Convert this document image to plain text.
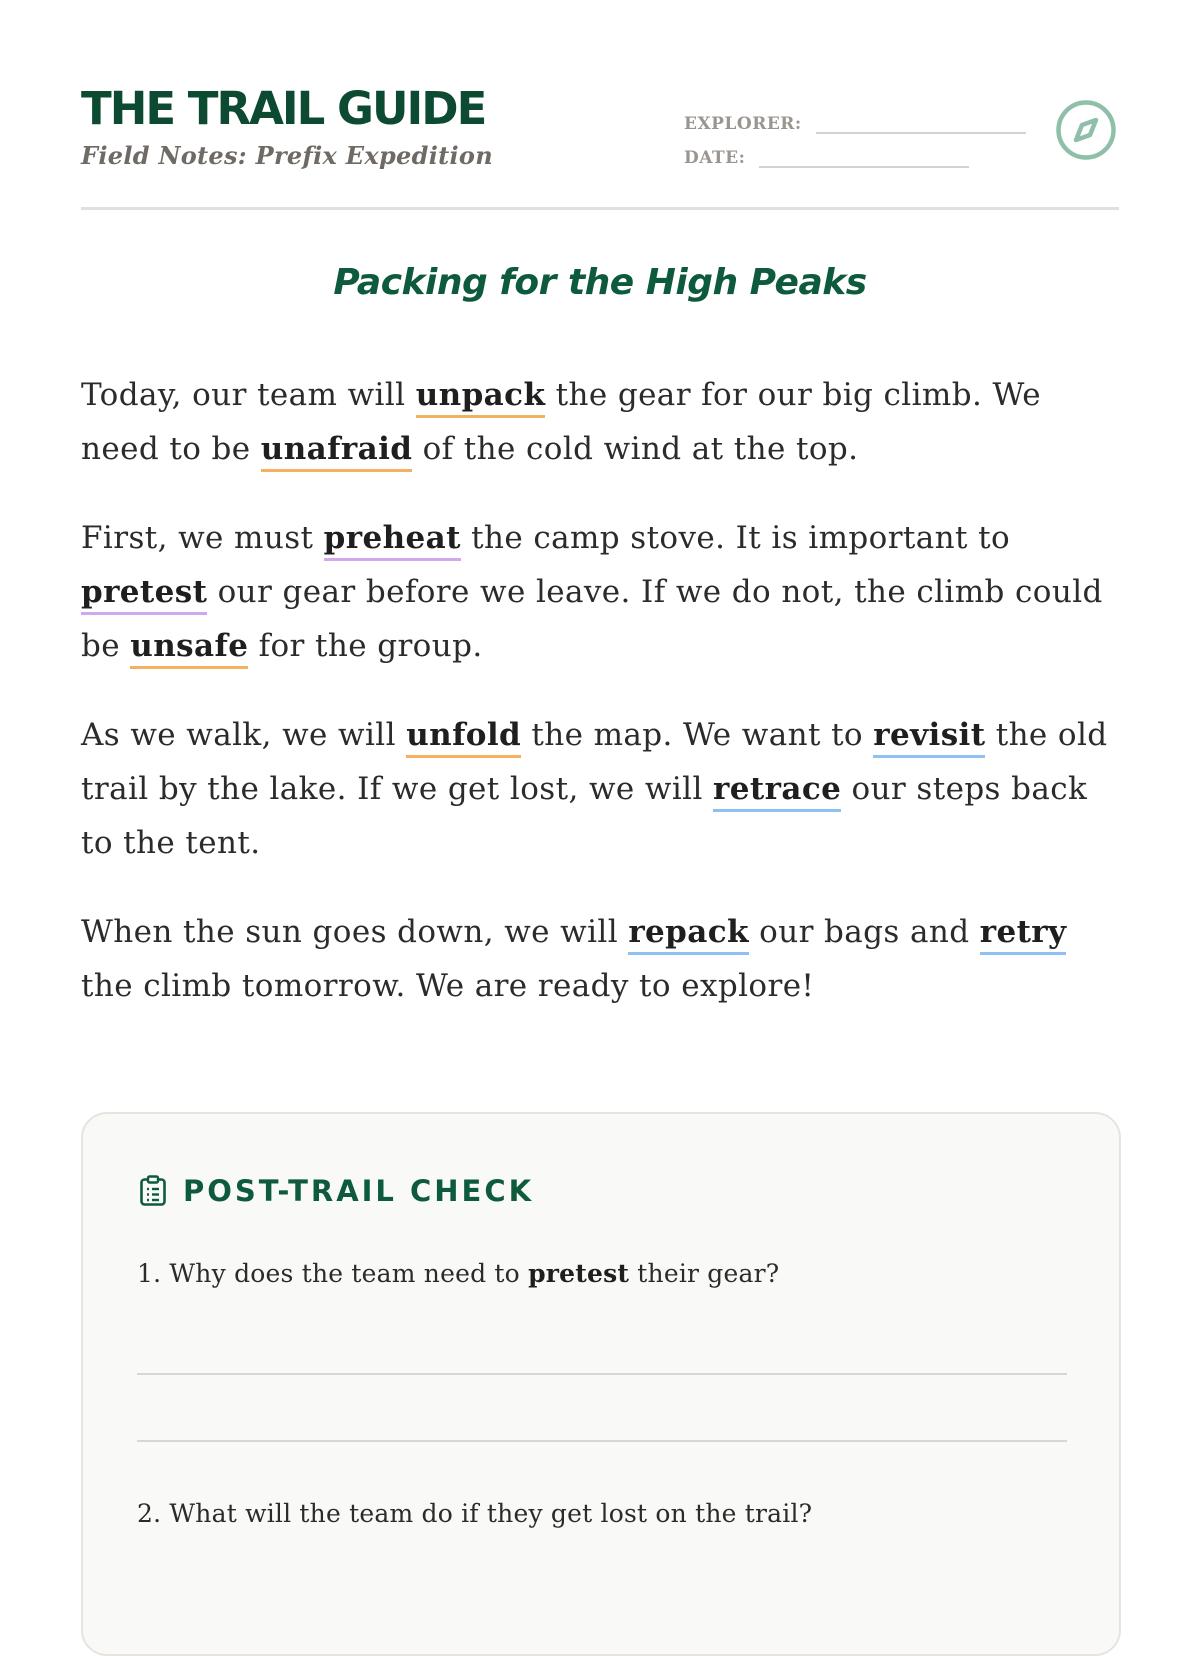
THE TRAIL GUIDE
Field Notes: Prefix Expedition
EXPLORER:
DATE:
Packing for the High Peaks

Today, our team will unpack the gear for our big climb. We need to be unafraid of the cold wind at the top.

First, we must preheat the camp stove. It is important to pretest our gear before we leave. If we do not, the climb could be unsafe for the group.

As we walk, we will unfold the map. We want to revisit the old trail by the lake. If we get lost, we will retrace our steps back to the tent.

When the sun goes down, we will repack our bags and retry the climb tomorrow. We are ready to explore!

POST-TRAIL CHECK
1. Why does the team need to pretest their gear?
2. What will the team do if they get lost on the trail?
